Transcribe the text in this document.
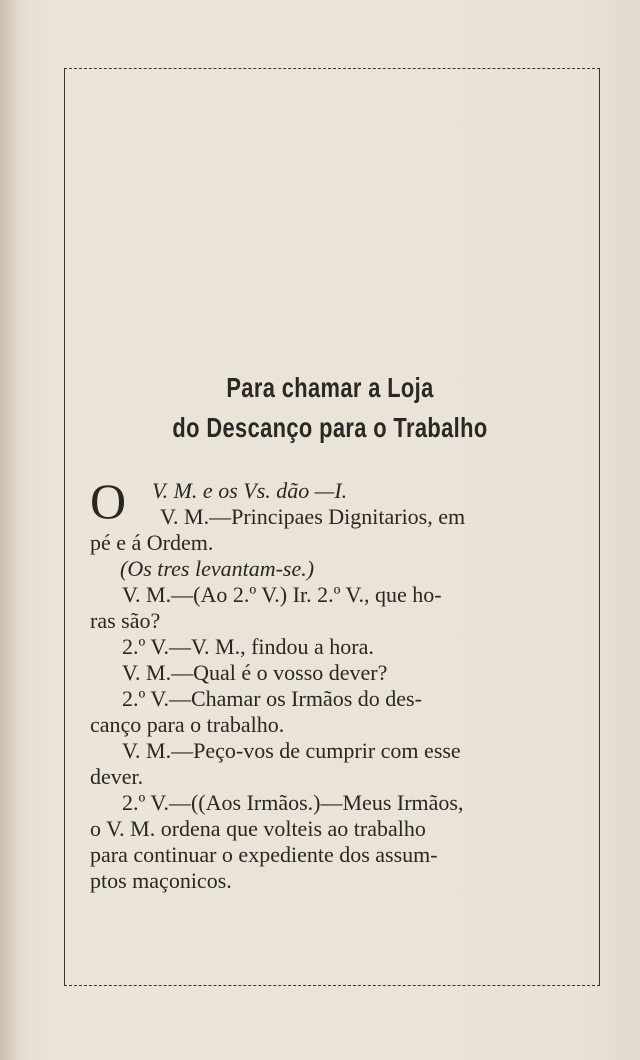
Para chamar a Loja
do Descanço para o Trabalho
O	V. M. e os Vs. dão —I.
V. M.—Principaes Dignitarios, em
pé e á Ordem.
(Os tres levantam-se.)
V. M.—(Ao 2.º V.) Ir. 2.º V., que ho-
ras são?
2.º V.—V. M., findou a hora.
V. M.—Qual é o vosso dever?
2.º V.—Chamar os Irmãos do des-
canço para o trabalho.
V. M.—Peço-vos de cumprir com esse
dever.
2.º V.—((Aos Irmãos.)—Meus Irmãos,
o V. M. ordena que volteis ao trabalho
para continuar o expediente dos assum-
ptos maçonicos.
